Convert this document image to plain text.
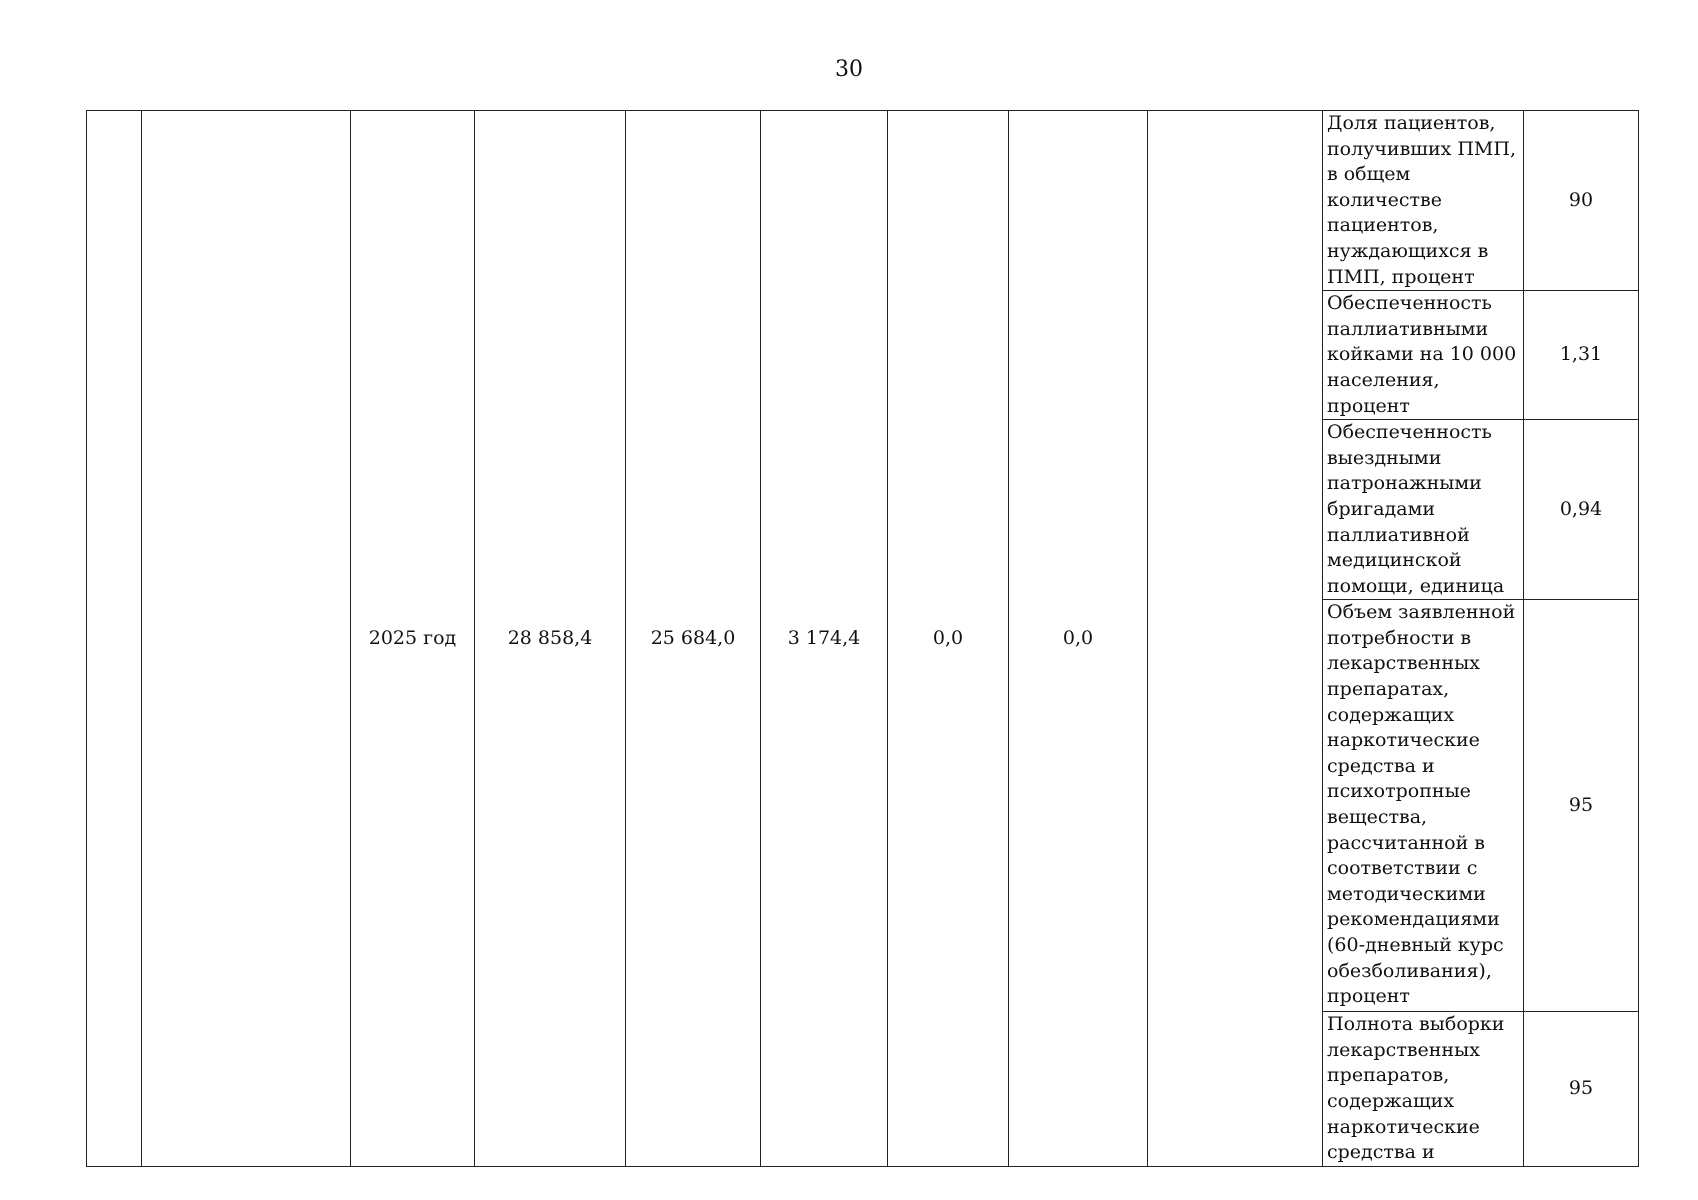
30
		2025 год	28 858,4	25 684,0	3 174,4	0,0	0,0		Доля пациентов, получивших ПМП, в общем количестве пациентов, нуждающихся в ПМП, процент	90
									Обеспеченность паллиативными койками на 10 000 населения, процент	1,31
									Обеспеченность выездными патронажными бригадами паллиативной медицинской помощи, единица	0,94
									Объем заявленной потребности в лекарственных препаратах, содержащих наркотические средства и психотропные вещества, рассчитанной в соответствии с методическими рекомендациями (60-дневный курс обезболивания), процент	95
									Полнота выборки лекарственных препаратов, содержащих наркотические средства и	95
